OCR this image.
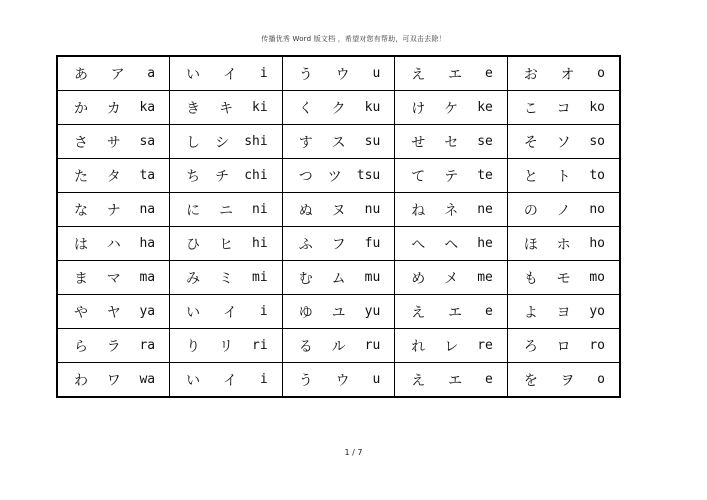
传播优秀 Word 版文档 ，希望对您有帮助，可双击去除！
あ ア a	い イ i	う ウ u	え エ e	お オ o

か カ ka	き キ ki	く ク ku	け ケ ke	こ コ ko

さ サ sa	し シ shi	す ス su	せ セ se	そ ソ so

た タ ta	ち チ chi	つ ツ tsu	て テ te	と ト to

な ナ na	に ニ ni	ぬ ヌ nu	ね ネ ne	の ノ no

は ハ ha	ひ ヒ hi	ふ フ fu	へ ヘ he	ほ ホ ho

ま マ ma	み ミ mi	む ム mu	め メ me	も モ mo

や ヤ ya	い イ i	ゆ ユ yu	え エ e	よ ヨ yo

ら ラ ra	り リ ri	る ル ru	れ レ re	ろ ロ ro

わ ワ wa	い イ i	う ウ u	え エ e	を ヲ o
1 / 7
